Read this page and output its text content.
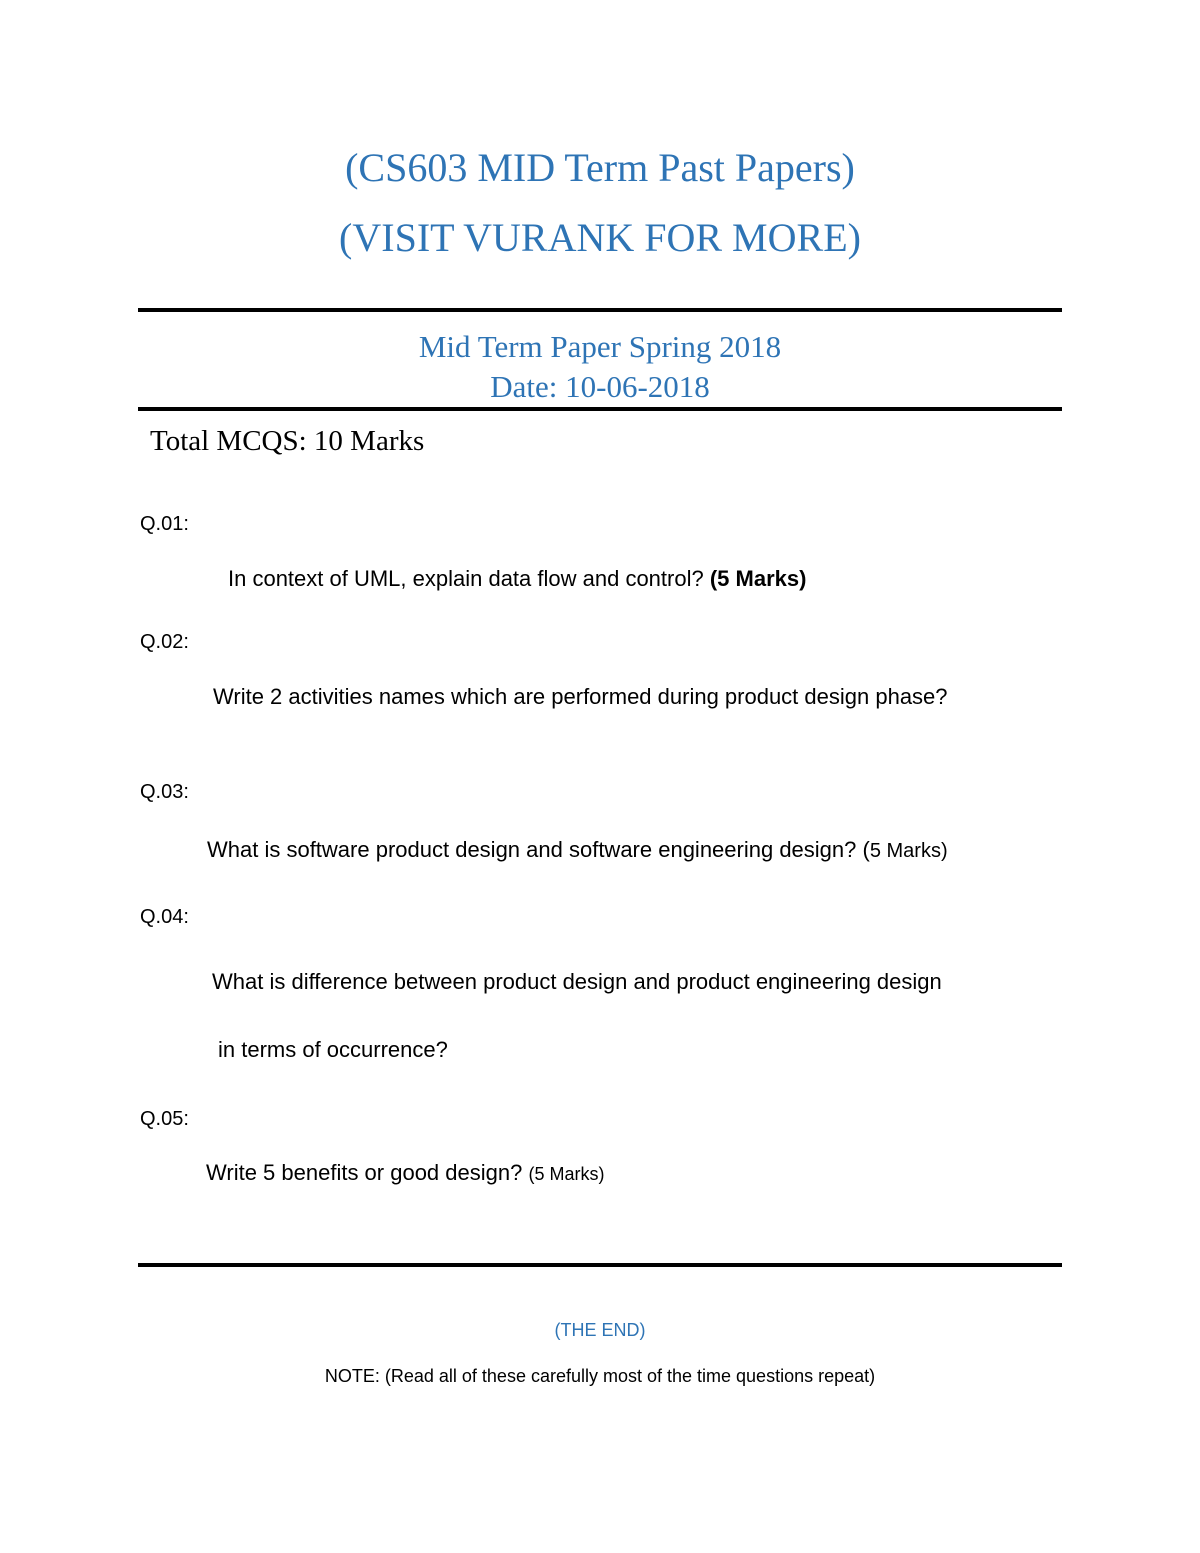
(CS603 MID Term Past Papers)
(VISIT VURANK FOR MORE)
Mid Term Paper Spring 2018
Date: 10-06-2018
Total MCQS: 10 Marks
Q.01:
In context of UML, explain data flow and control? (5 Marks)
Q.02:
Write 2 activities names which are performed during product design phase?
Q.03:
What is software product design and software engineering design? (5 Marks)
Q.04:
What is difference between product design and product engineering design
in terms of occurrence?
Q.05:
Write 5 benefits or good design? (5 Marks)
(THE END)
NOTE: (Read all of these carefully most of the time questions repeat)
